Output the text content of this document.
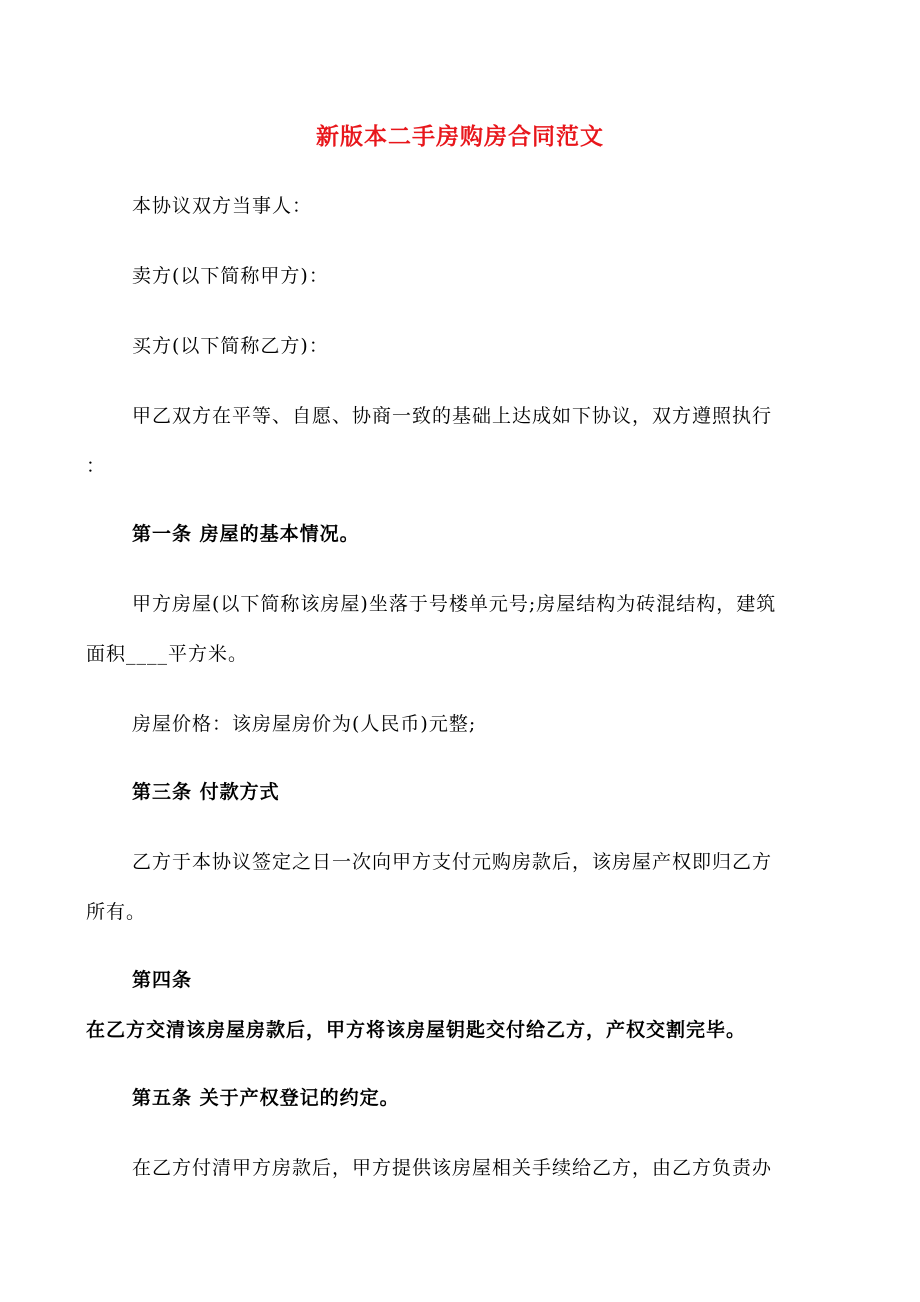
新版本二手房购房合同范文
本协议双方当事人：
卖方(以下简称甲方)：
买方(以下简称乙方)：
甲乙双方在平等、自愿、协商一致的基础上达成如下协议，双方遵照执行
：
第一条 房屋的基本情况。
甲方房屋(以下简称该房屋)坐落于号楼单元号;房屋结构为砖混结构，建筑
面积____平方米。
房屋价格：该房屋房价为(人民币)元整;
第三条 付款方式
乙方于本协议签定之日一次向甲方支付元购房款后，该房屋产权即归乙方
所有。
第四条
在乙方交清该房屋房款后，甲方将该房屋钥匙交付给乙方，产权交割完毕。
第五条 关于产权登记的约定。
在乙方付清甲方房款后，甲方提供该房屋相关手续给乙方，由乙方负责办
